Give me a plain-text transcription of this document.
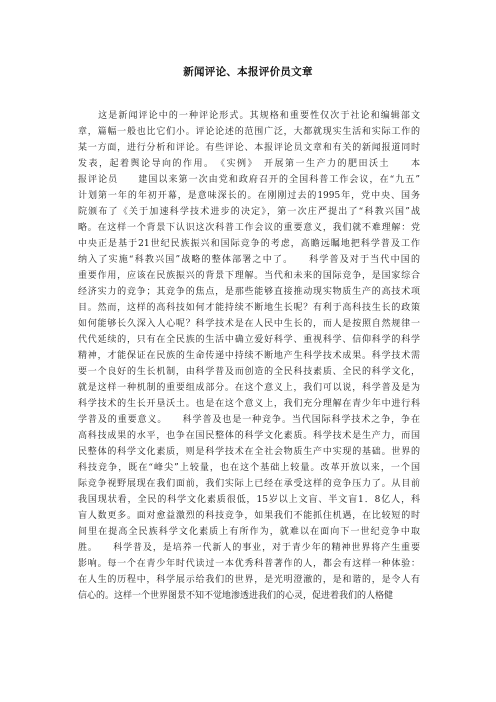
新闻评论、本报评价员文章
　　这是新闻评论中的一种评论形式。其规格和重要性仅次于社论和编辑部文
章，篇幅一般也比它们小。评论论述的范围广泛，大都就现实生活和实际工作的
某一方面，进行分析和评论。有些评论、本报评论员文章和有关的新闻报道同时
发表，起着舆论导向的作用。　《实例》　开展第一生产力的肥田沃土　　本
报评论员　　建国以来第一次由党和政府召开的全国科普工作会议，在“九五”
计划第一年的年初开幕，是意味深长的。在刚刚过去的1995年，党中央、国务
院颁布了《关于加速科学技术进步的决定》，第一次庄严提出了“科教兴国”战
略。在这样一个背景下认识这次科普工作会议的重要意义，我们就不难理解：党
中央正是基于21世纪民族振兴和国际竞争的考虑，高瞻远瞩地把科学普及工作
纳入了实施“科教兴国”战略的整体部署之中了。　　科学普及对于当代中国的
重要作用，应该在民族振兴的背景下理解。当代和未来的国际竞争，是国家综合
经济实力的竞争；其竞争的焦点，是那些能够直接推动现实物质生产的高技术项
目。然而，这样的高科技如何才能持续不断地生长呢？有利于高科技生长的政策
如何能够长久深入人心呢？科学技术是在人民中生长的，而人是按照自然规律一
代代延续的，只有在全民族的生活中确立爱好科学、重视科学、信仰科学的科学
精神，才能保证在民族的生命传递中持续不断地产生科学技术成果。科学技术需
要一个良好的生长机制，由科学普及而创造的全民科技素质、全民的科学文化，
就是这样一种机制的重要组成部分。在这个意义上，我们可以说，科学普及是为
科学技术的生长开垦沃土。也是在这个意义上，我们充分理解在青少年中进行科
学普及的重要意义。　　科学普及也是一种竞争。当代国际科学技术之争，争在
高科技成果的水平，也争在国民整体的科学文化素质。科学技术是生产力，而国
民整体的科学文化素质，则是科学技术在全社会物质生产中实现的基础。世界的
科技竞争，既在“峰尖”上较量，也在这个基础上较量。改革开放以来，一个国
际竞争视野展现在我们面前，我们实际上已经在承受这样的竞争压力了。从目前
我国现状看，全民的科学文化素质很低，15岁以上文盲、半文盲1．8亿人，科
盲人数更多。面对愈益激烈的科技竞争，如果我们不能抓住机遇，在比较短的时
间里在提高全民族科学文化素质上有所作为，就难以在面向下一世纪竞争中取
胜。　　科学普及，是培养一代新人的事业，对于青少年的精神世界将产生重要
影响。每一个在青少年时代读过一本优秀科普著作的人，都会有这样一种体验：
在人生的历程中，科学展示给我们的世界，是光明澄澈的，是和谐的，是令人有
信心的。这样一个世界图景不知不觉地渗透进我们的心灵，促进着我们的人格健
